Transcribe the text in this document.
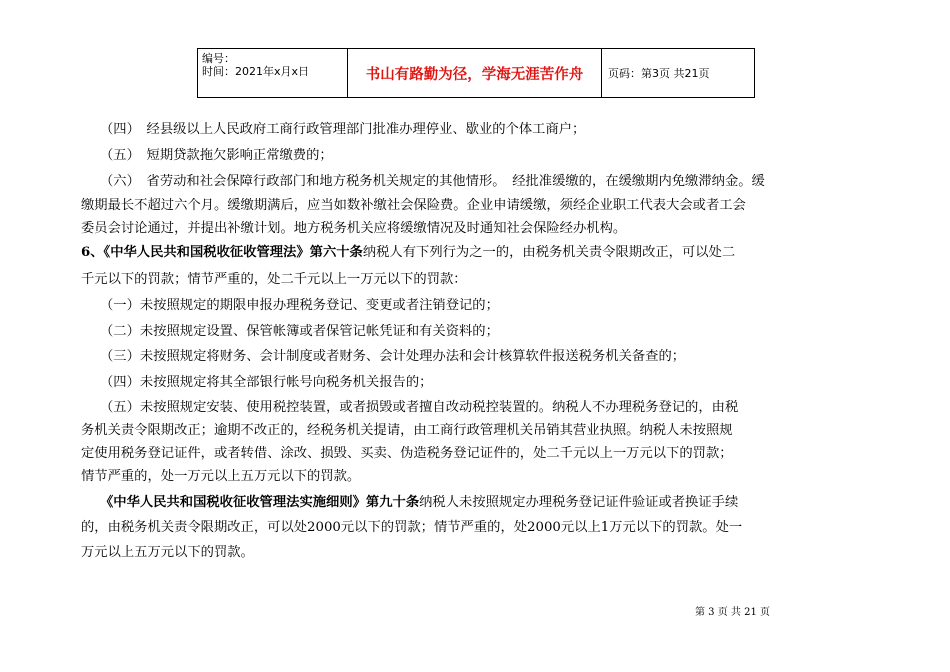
编号：
时间：2021年x月x日	书山有路勤为径，学海无涯苦作舟	页码：第3页 共21页
（四）　经县级以上人民政府工商行政管理部门批准办理停业、歇业的个体工商户；
（五）　短期贷款拖欠影响正常缴费的；
（六）　省劳动和社会保障行政部门和地方税务机关规定的其他情形。　经批准缓缴的，在缓缴期内免缴滞纳金。缓
缴期最长不超过六个月。缓缴期满后，应当如数补缴社会保险费。企业申请缓缴，须经企业职工代表大会或者工会
委员会讨论通过，并提出补缴计划。地方税务机关应将缓缴情况及时通知社会保险经办机构。
6、《中华人民共和国税收征收管理法》第六十条纳税人有下列行为之一的，由税务机关责令限期改正，可以处二
千元以下的罚款；情节严重的，处二千元以上一万元以下的罚款：
（一）未按照规定的期限申报办理税务登记、变更或者注销登记的；
（二）未按照规定设置、保管帐簿或者保管记帐凭证和有关资料的；
（三）未按照规定将财务、会计制度或者财务、会计处理办法和会计核算软件报送税务机关备查的；
（四）未按照规定将其全部银行帐号向税务机关报告的；
（五）未按照规定安装、使用税控装置，或者损毁或者擅自改动税控装置的。纳税人不办理税务登记的，由税
务机关责令限期改正；逾期不改正的，经税务机关提请，由工商行政管理机关吊销其营业执照。纳税人未按照规
定使用税务登记证件，或者转借、涂改、损毁、买卖、伪造税务登记证件的，处二千元以上一万元以下的罚款；
情节严重的，处一万元以上五万元以下的罚款。
《中华人民共和国税收征收管理法实施细则》第九十条纳税人未按照规定办理税务登记证件验证或者换证手续
的，由税务机关责令限期改正，可以处2000元以下的罚款；情节严重的，处2000元以上1万元以下的罚款。处一
万元以上五万元以下的罚款。
第 3 页 共 21 页
